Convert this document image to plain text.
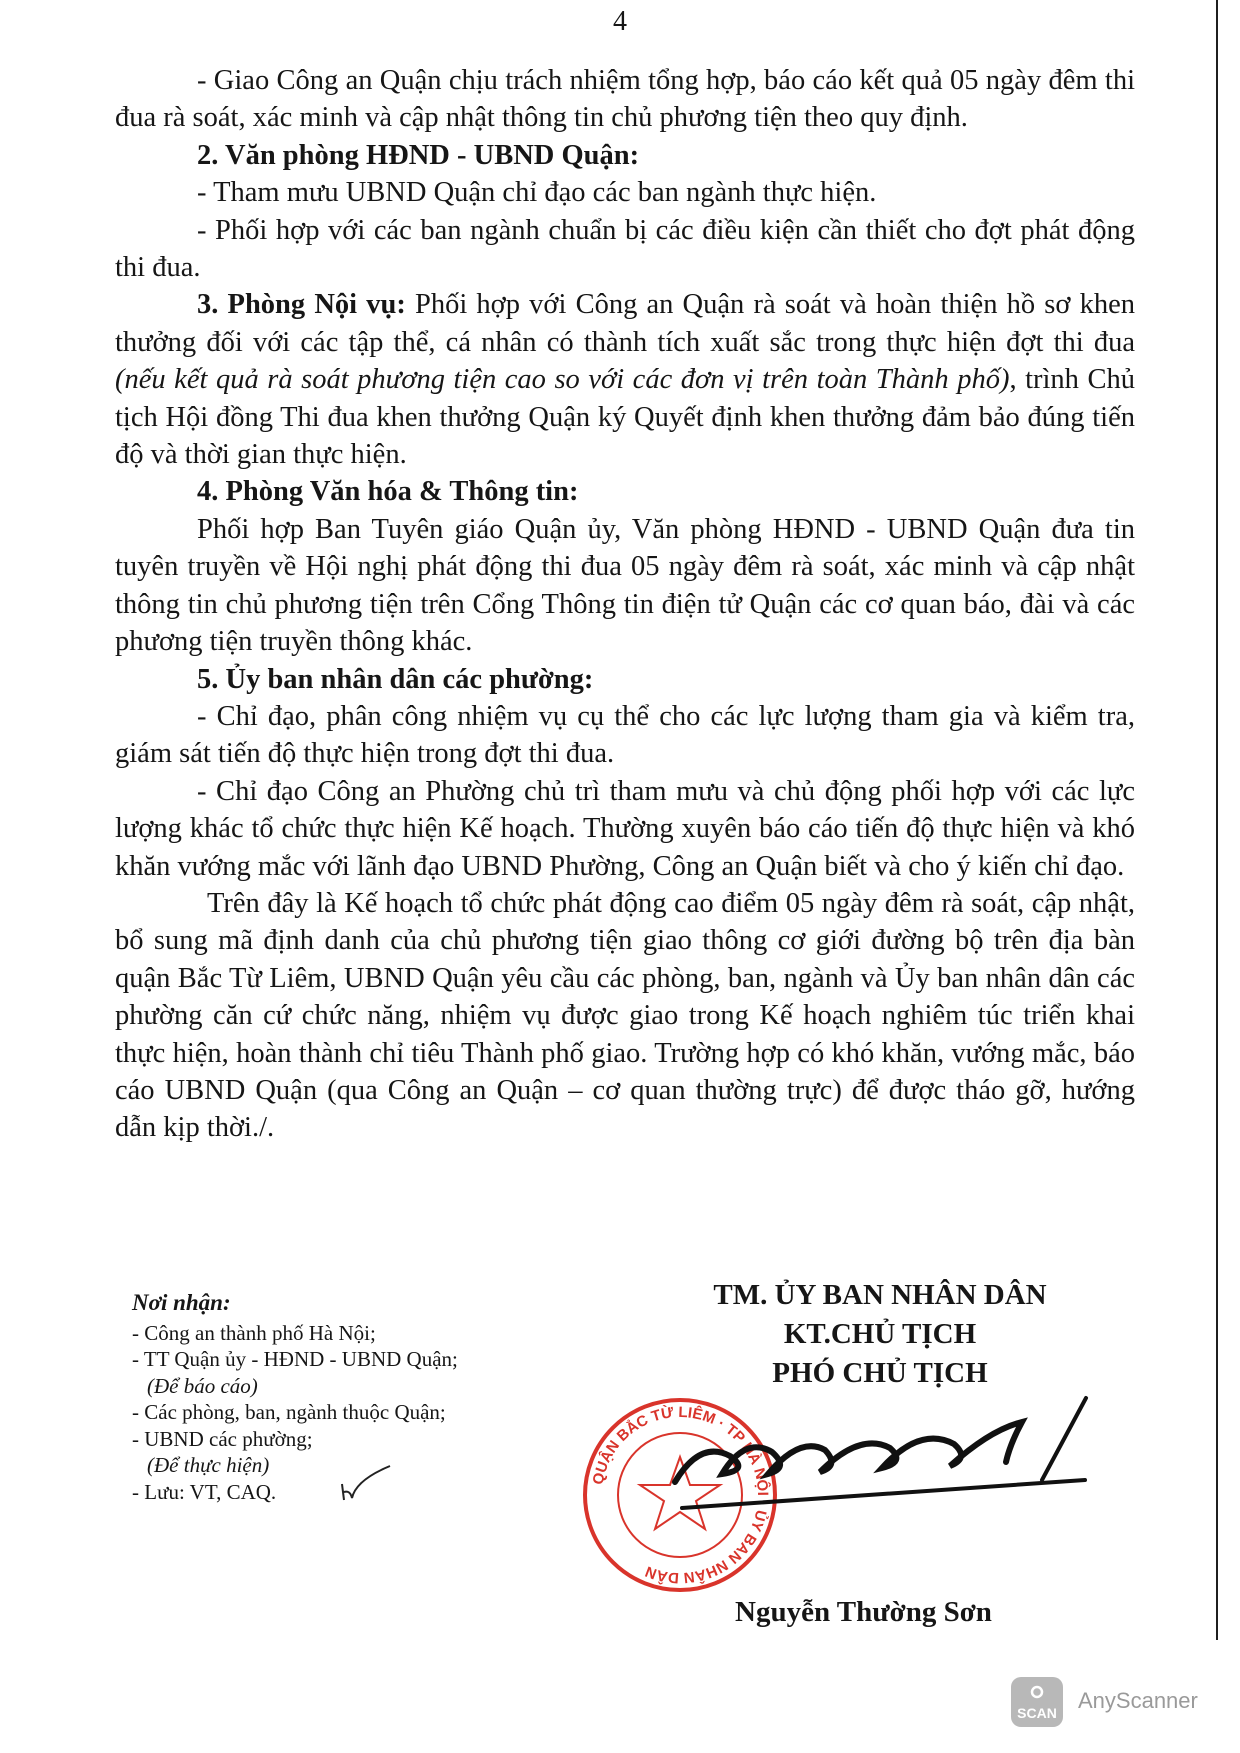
4

- Giao Công an Quận chịu trách nhiệm tổng hợp, báo cáo kết quả 05 ngày đêm thi đua rà soát, xác minh và cập nhật thông tin chủ phương tiện theo quy định.

2. Văn phòng HĐND - UBND Quận:

- Tham mưu UBND Quận chỉ đạo các ban ngành thực hiện.

- Phối hợp với các ban ngành chuẩn bị các điều kiện cần thiết cho đợt phát động thi đua.

3. Phòng Nội vụ: Phối hợp với Công an Quận rà soát và hoàn thiện hồ sơ khen thưởng đối với các tập thể, cá nhân có thành tích xuất sắc trong thực hiện đợt thi đua (nếu kết quả rà soát phương tiện cao so với các đơn vị trên toàn Thành phố), trình Chủ tịch Hội đồng Thi đua khen thưởng Quận ký Quyết định khen thưởng đảm bảo đúng tiến độ và thời gian thực hiện.

4. Phòng Văn hóa & Thông tin:

Phối hợp Ban Tuyên giáo Quận ủy, Văn phòng HĐND - UBND Quận đưa tin tuyên truyền về Hội nghị phát động thi đua 05 ngày đêm rà soát, xác minh và cập nhật thông tin chủ phương tiện trên Cổng Thông tin điện tử Quận các cơ quan báo, đài và các phương tiện truyền thông khác.

5. Ủy ban nhân dân các phường:

- Chỉ đạo, phân công nhiệm vụ cụ thể cho các lực lượng tham gia và kiểm tra, giám sát tiến độ thực hiện trong đợt thi đua.

- Chỉ đạo Công an Phường chủ trì tham mưu và chủ động phối hợp với các lực lượng khác tổ chức thực hiện Kế hoạch. Thường xuyên báo cáo tiến độ thực hiện và khó khăn vướng mắc với lãnh đạo UBND Phường, Công an Quận biết và cho ý kiến chỉ đạo.

Trên đây là Kế hoạch tổ chức phát động cao điểm 05 ngày đêm rà soát, cập nhật, bổ sung mã định danh của chủ phương tiện giao thông cơ giới đường bộ trên địa bàn quận Bắc Từ Liêm, UBND Quận yêu cầu các phòng, ban, ngành và Ủy ban nhân dân các phường căn cứ chức năng, nhiệm vụ được giao trong Kế hoạch nghiêm túc triển khai thực hiện, hoàn thành chỉ tiêu Thành phố giao. Trường hợp có khó khăn, vướng mắc, báo cáo UBND Quận (qua Công an Quận – cơ quan thường trực) để được tháo gỡ, hướng dẫn kịp thời./.

Nơi nhận:
- Công an thành phố Hà Nội;
- TT Quận ủy - HĐND - UBND Quận;
(Để báo cáo)
- Các phòng, ban, ngành thuộc Quận;
- UBND các phường;
(Để thực hiện)
- Lưu: VT, CAQ.
TM. ỦY BAN NHÂN DÂN
KT.CHỦ TỊCH
PHÓ CHỦ TỊCH
QUẬN BẮC TỪ LIÊM · TP HÀ NỘI · ỦY BAN NHÂN DÂN
Nguyễn Thường Sơn
SCAN AnyScanner
